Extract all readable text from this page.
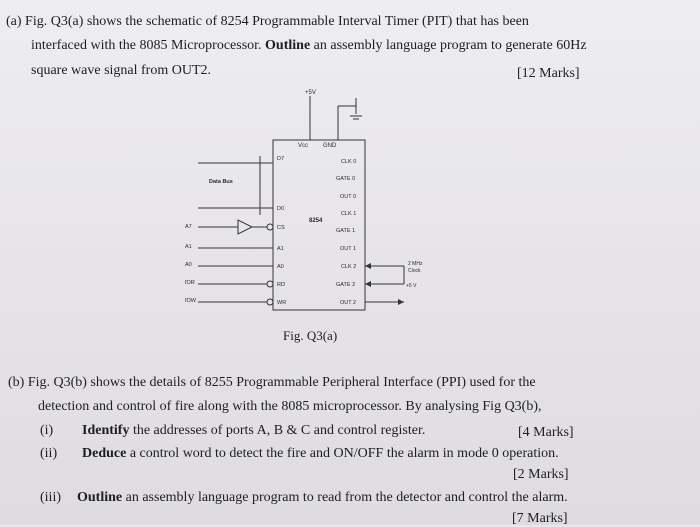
(a) Fig. Q3(a) shows the schematic of 8254 Programmable Interval Timer (PIT) that has been
interfaced with the 8085 Microprocessor. Outline an assembly language program to generate 60Hz
square wave signal from OUT2.	[12 Marks]
+5V
Vcc GND
Data Bus
8254
A7
A1
A0
IOR
IOW
D7
D0
CS
A1
A0
RD
WR
CLK 0
GATE 0
OUT 0
CLK 1
GATE 1
OUT 1
CLK 2
GATE 2
OUT 2
2 MHz
Clock
+5 V
Fig. Q3(a)
(b) Fig. Q3(b) shows the details of 8255 Programmable Peripheral Interface (PPI) used for the
detection and control of fire along with the 8085 microprocessor. By analysing Fig Q3(b),
(i) Identify the addresses of ports A, B & C and control register.	[4 Marks]
(ii) Deduce a control word to detect the fire and ON/OFF the alarm in mode 0 operation.
[2 Marks]
(iii) Outline an assembly language program to read from the detector and control the alarm.
[7 Marks]
